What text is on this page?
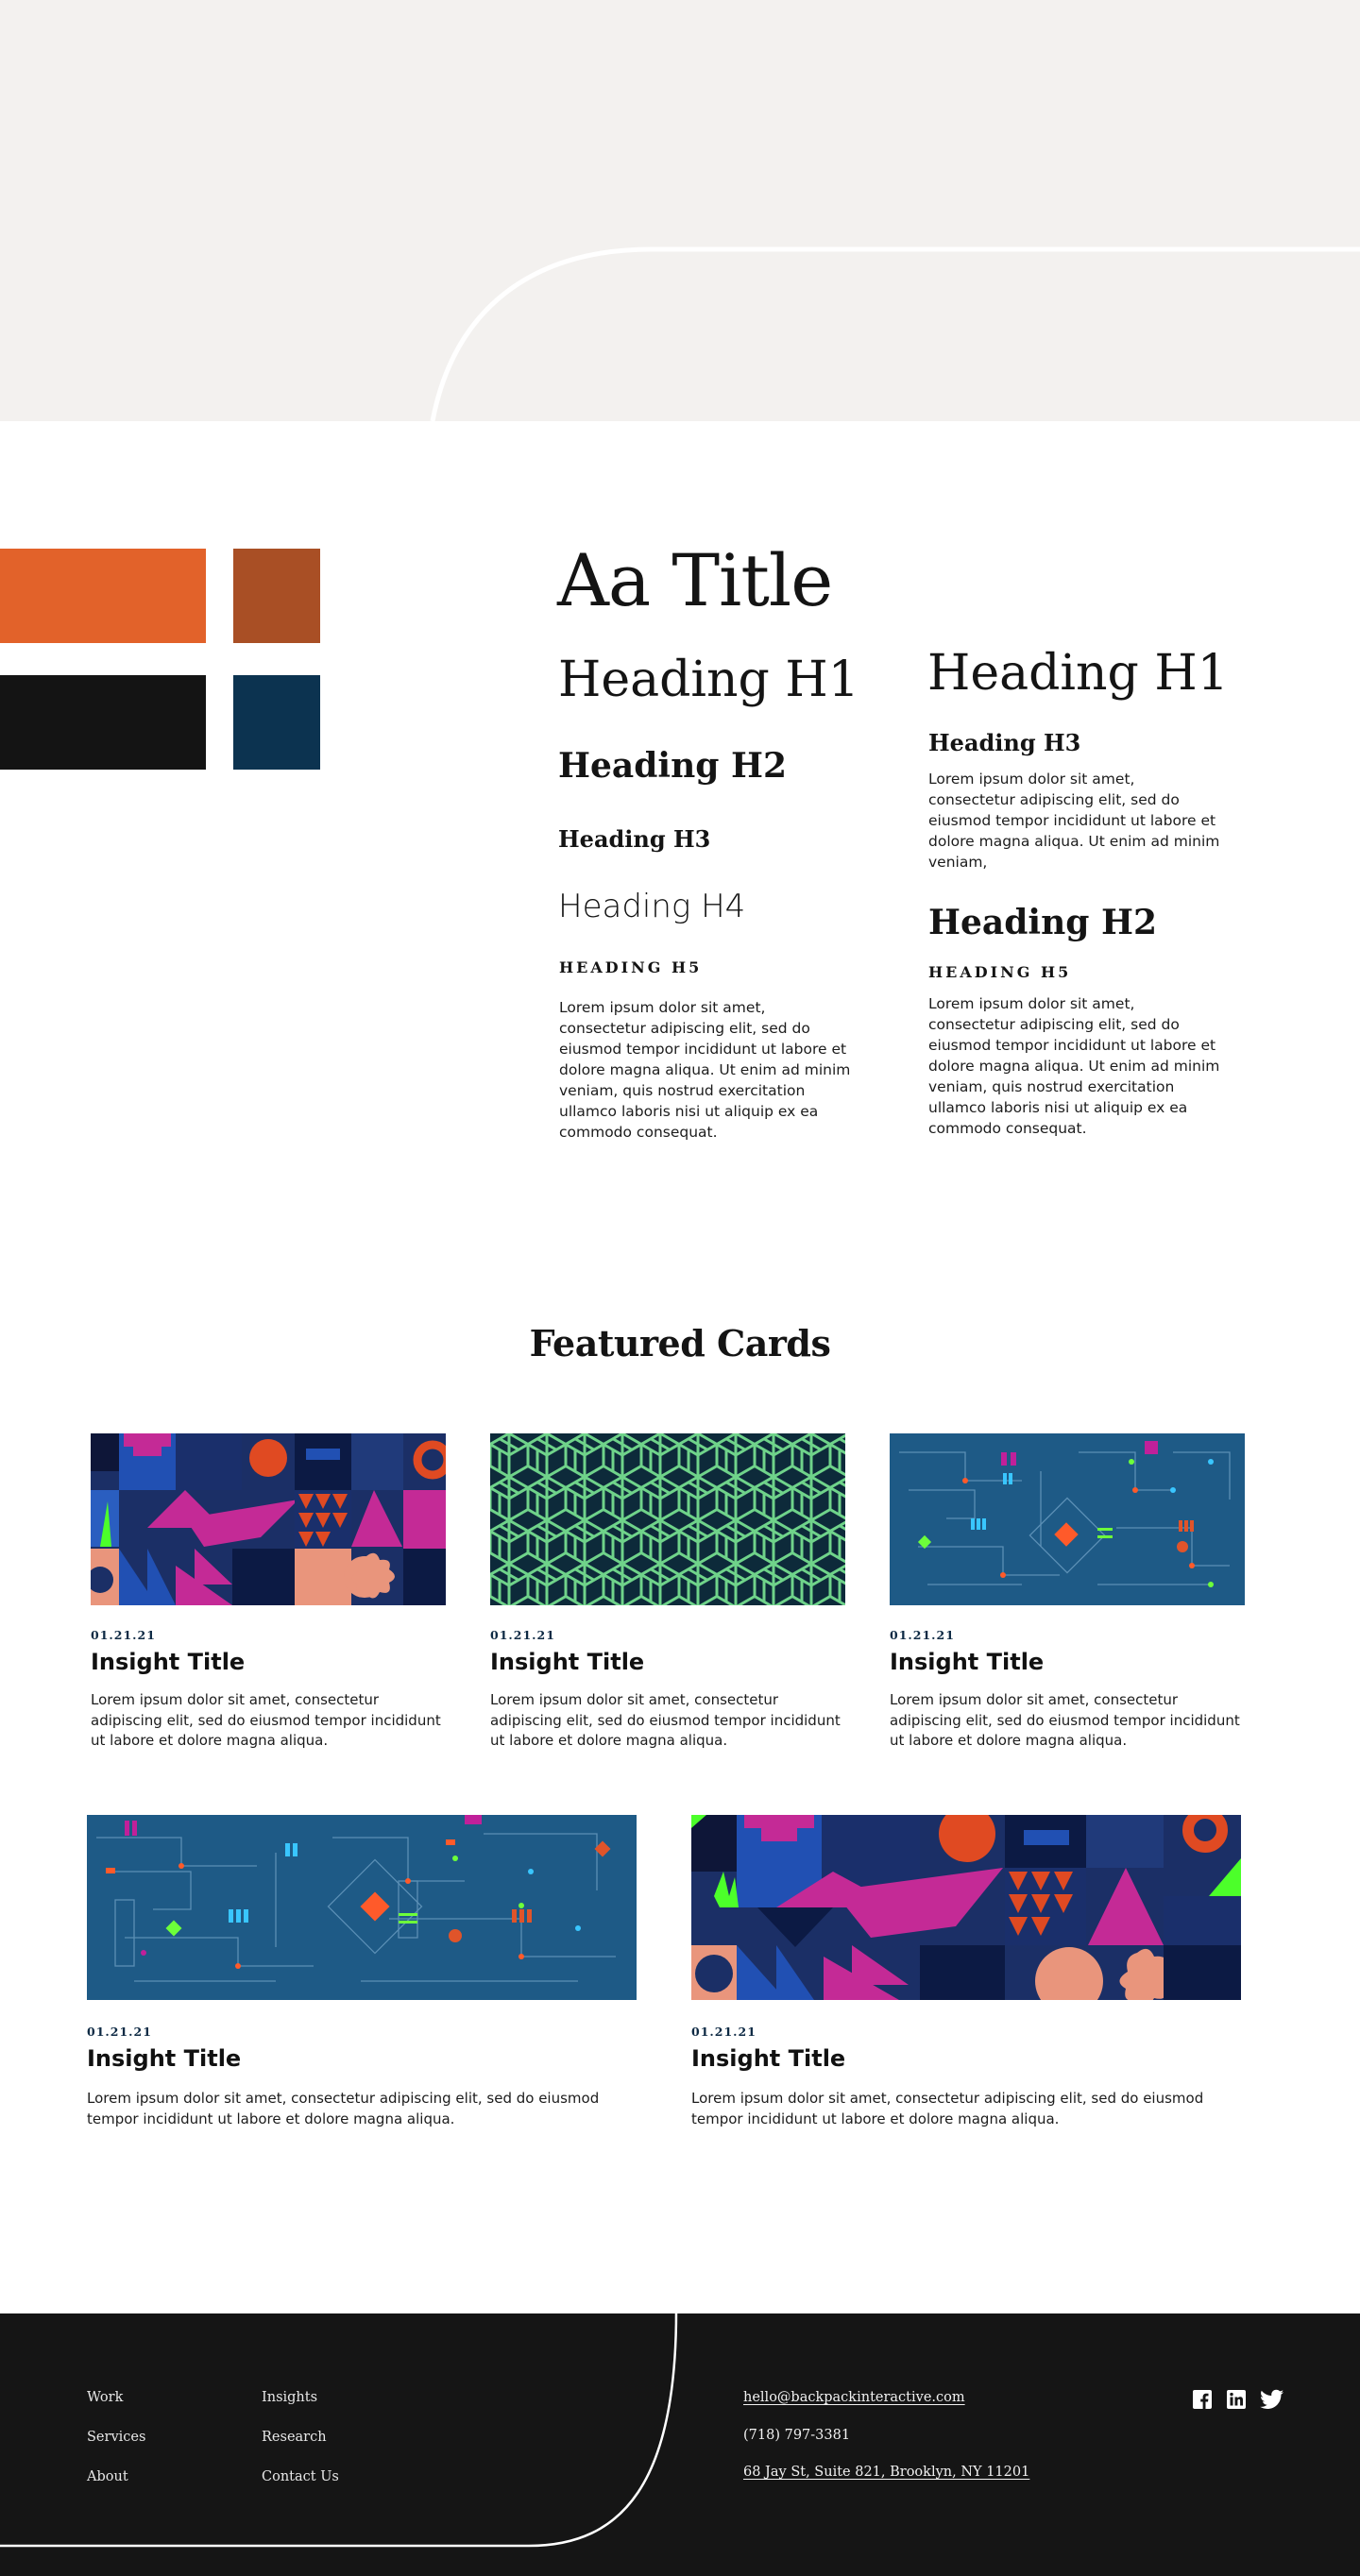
Aa Title
Heading H1
Heading H2
Heading H3
Heading H4
HEADING H5
Lorem ipsum dolor sit amet, consectetur adipiscing elit, sed do eiusmod tempor incididunt ut labore et dolore magna aliqua. Ut enim ad minim veniam, quis nostrud exercitation ullamco laboris nisi ut aliquip ex ea commodo consequat.
Heading H1
Heading H3
Lorem ipsum dolor sit amet, consectetur adipiscing elit, sed do eiusmod tempor incididunt ut labore et dolore magna aliqua. Ut enim ad minim veniam,
Heading H2
HEADING H5
Lorem ipsum dolor sit amet, consectetur adipiscing elit, sed do eiusmod tempor incididunt ut labore et dolore magna aliqua. Ut enim ad minim veniam, quis nostrud exercitation ullamco laboris nisi ut aliquip ex ea commodo consequat.
Featured Cards
01.21.21
Insight Title
Lorem ipsum dolor sit amet, consectetur adipiscing elit, sed do eiusmod tempor incididunt ut labore et dolore magna aliqua.
01.21.21
Insight Title
Lorem ipsum dolor sit amet, consectetur adipiscing elit, sed do eiusmod tempor incididunt ut labore et dolore magna aliqua.
01.21.21
Insight Title
Lorem ipsum dolor sit amet, consectetur adipiscing elit, sed do eiusmod tempor incididunt ut labore et dolore magna aliqua.
01.21.21
Insight Title
Lorem ipsum dolor sit amet, consectetur adipiscing elit, sed do eiusmod tempor incididunt ut labore et dolore magna aliqua.
01.21.21
Insight Title
Lorem ipsum dolor sit amet, consectetur adipiscing elit, sed do eiusmod tempor incididunt ut labore et dolore magna aliqua.
Work
Services
About
Insights
Research
Contact Us
hello@backpackinteractive.com
(718) 797-3381
68 Jay St, Suite 821, Brooklyn, NY 11201
